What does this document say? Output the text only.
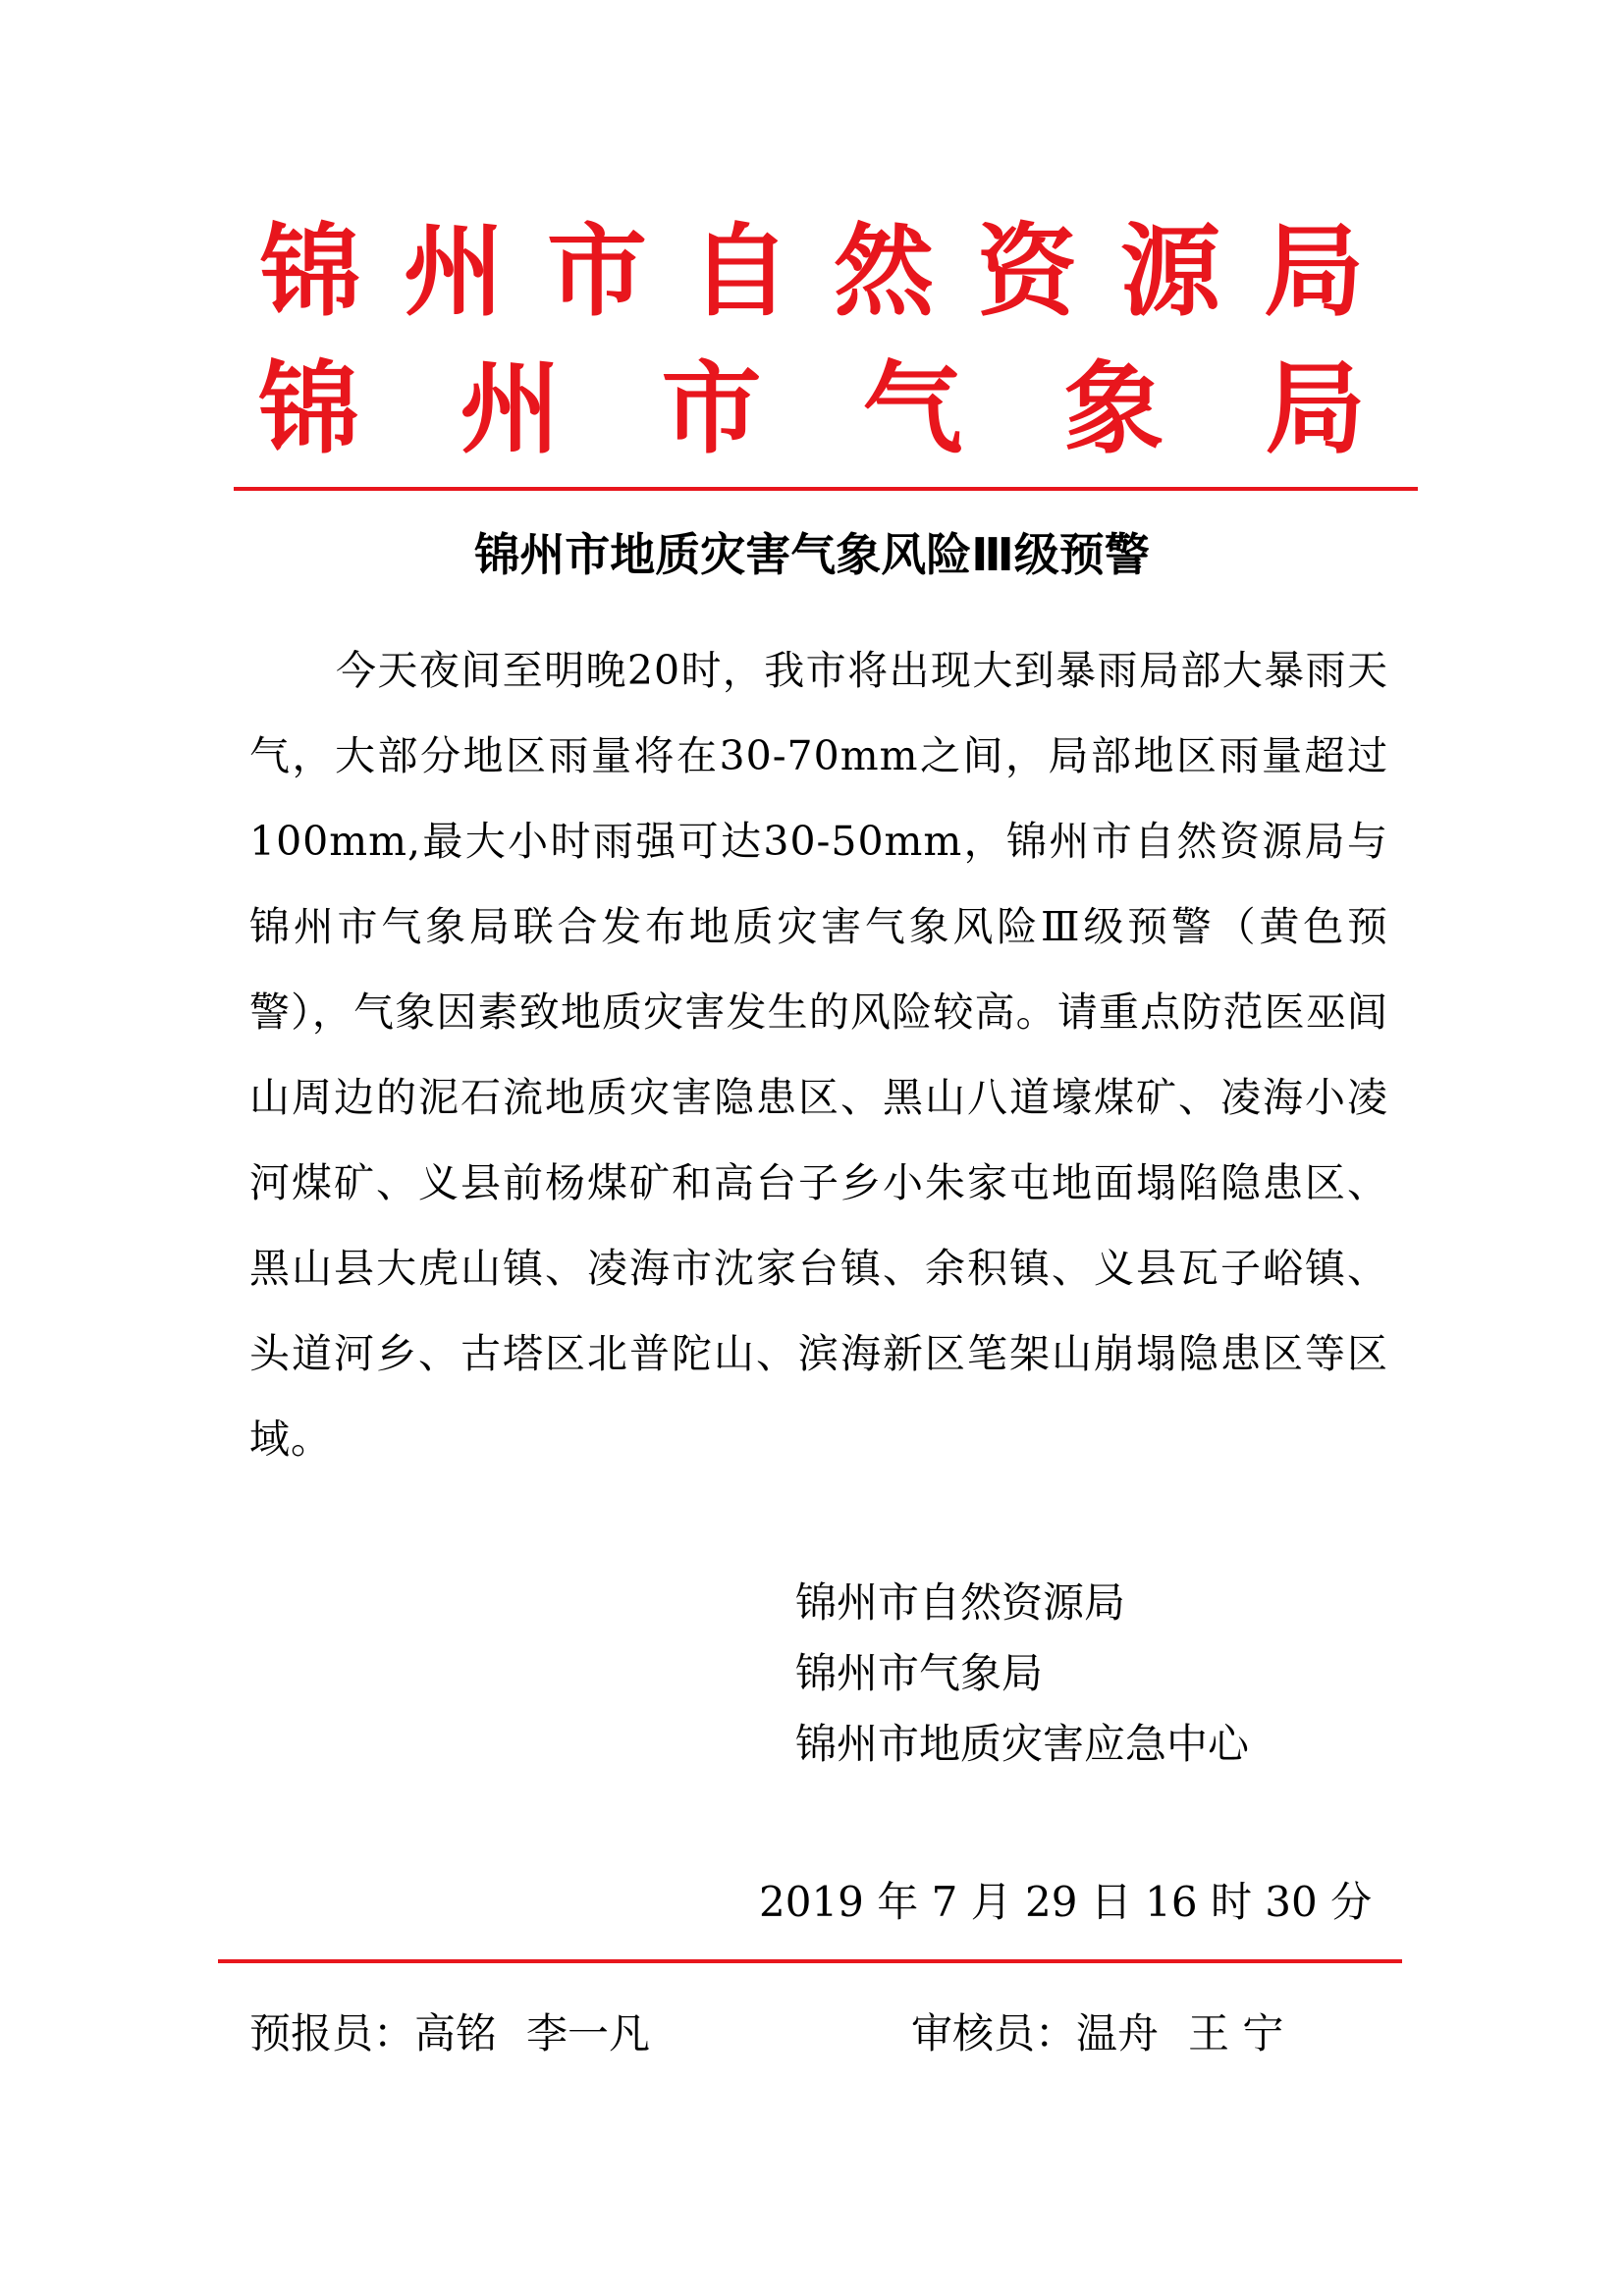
锦州市自然资源局
锦州市气象局
锦州市地质灾害气象风险Ⅲ级预警

今天夜间至明晚20时，我市将出现大到暴雨局部大暴雨天气，大部分地区雨量将在30-70mm之间，局部地区雨量超过100mm,最大小时雨强可达30-50mm，锦州市自然资源局与锦州市气象局联合发布地质灾害气象风险Ⅲ级预警（黄色预警），气象因素致地质灾害发生的风险较高。请重点防范医巫闾山周边的泥石流地质灾害隐患区、黑山八道壕煤矿、凌海小凌河煤矿、义县前杨煤矿和高台子乡小朱家屯地面塌陷隐患区、黑山县大虎山镇、凌海市沈家台镇、余积镇、义县瓦子峪镇、头道河乡、古塔区北普陀山、滨海新区笔架山崩塌隐患区等区域。

锦州市自然资源局
锦州市气象局
锦州市地质灾害应急中心
2019 年 7 月 29 日 16 时 30 分
预报员：高铭 李一凡	审核员：温舟 王 宁
